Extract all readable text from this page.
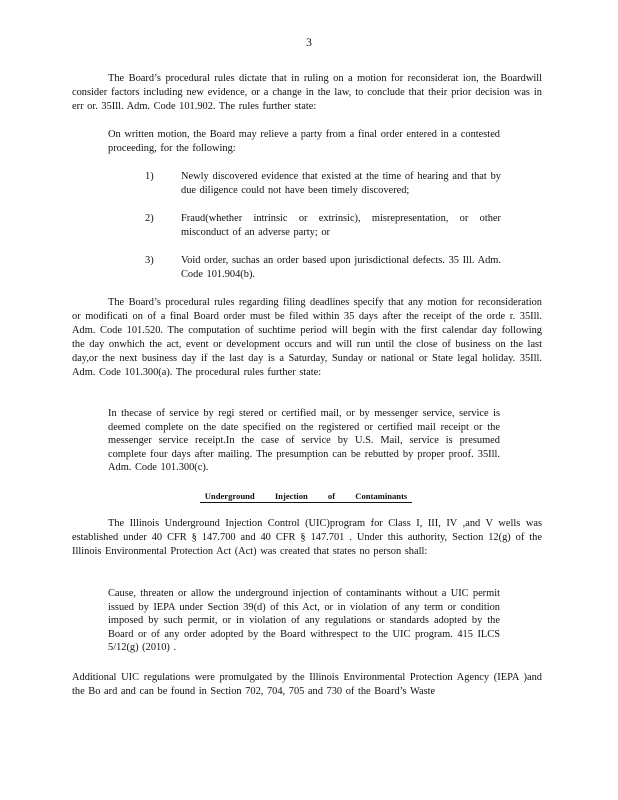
3

The Board’s procedural rules dictate that in ruling on a motion for reconsiderat ion, the Boardwill consider factors including new evidence, or a change in the law, to conclude that their prior decision was in err or. 35Ill. Adm. Code 101.902. The rules further state:

On written motion, the Board may relieve a party from a final order entered in a contested proceeding, for the following:

1)	Newly discovered evidence that existed at the time of hearing and that by due diligence could not have been timely discovered;
2)	Fraud(whether intrinsic or extrinsic), misrepresentation, or other misconduct of an adverse party; or
3)	Void order, suchas an order based upon jurisdictional defects. 35 Ill. Adm. Code 101.904(b).

The Board’s procedural rules regarding filing deadlines specify that any motion for reconsideration or modificati on of a final Board order must be filed within 35 days after the receipt of the orde r. 35Ill. Adm. Code 101.520. The computation of suchtime period will begin with the first calendar day following the day onwhich the act, event or development occurs and will run until the close of business on the last day,or the next business day if the last day is a Saturday, Sunday or national or State legal holiday. 35Ill. Adm. Code 101.300(a). The procedural rules further state:

In thecase of service by regi stered or certified mail, or by messenger service, service is deemed complete on the date specified on the registered or certified mail receipt or the messenger service receipt.In the case of service by U.S. Mail, service is presumed complete four days after mailing. The presumption can be rebutted by proper proof. 35Ill. Adm. Code 101.300(c).

Underground Injection of Contaminants

The Illinois Underground Injection Control (UIC)program for Class I, III, IV ,and V wells was established under 40 CFR § 147.700 and 40 CFR § 147.701 . Under this authority, Section 12(g) of the Illinois Environmental Protection Act (Act) was created that states no person shall:

Cause, threaten or allow the underground injection of contaminants without a UIC permit issued by IEPA under Section 39(d) of this Act, or in violation of any term or condition imposed by such permit, or in violation of any regulations or standards adopted by the Board or of any order adopted by the Board withrespect to the UIC program. 415 ILCS 5/12(g) (2010) .

Additional UIC regulations were promulgated by the Illinois Environmental Protection Agency (IEPA )and the Bo ard and can be found in Section 702, 704, 705 and 730 of the Board’s Waste
